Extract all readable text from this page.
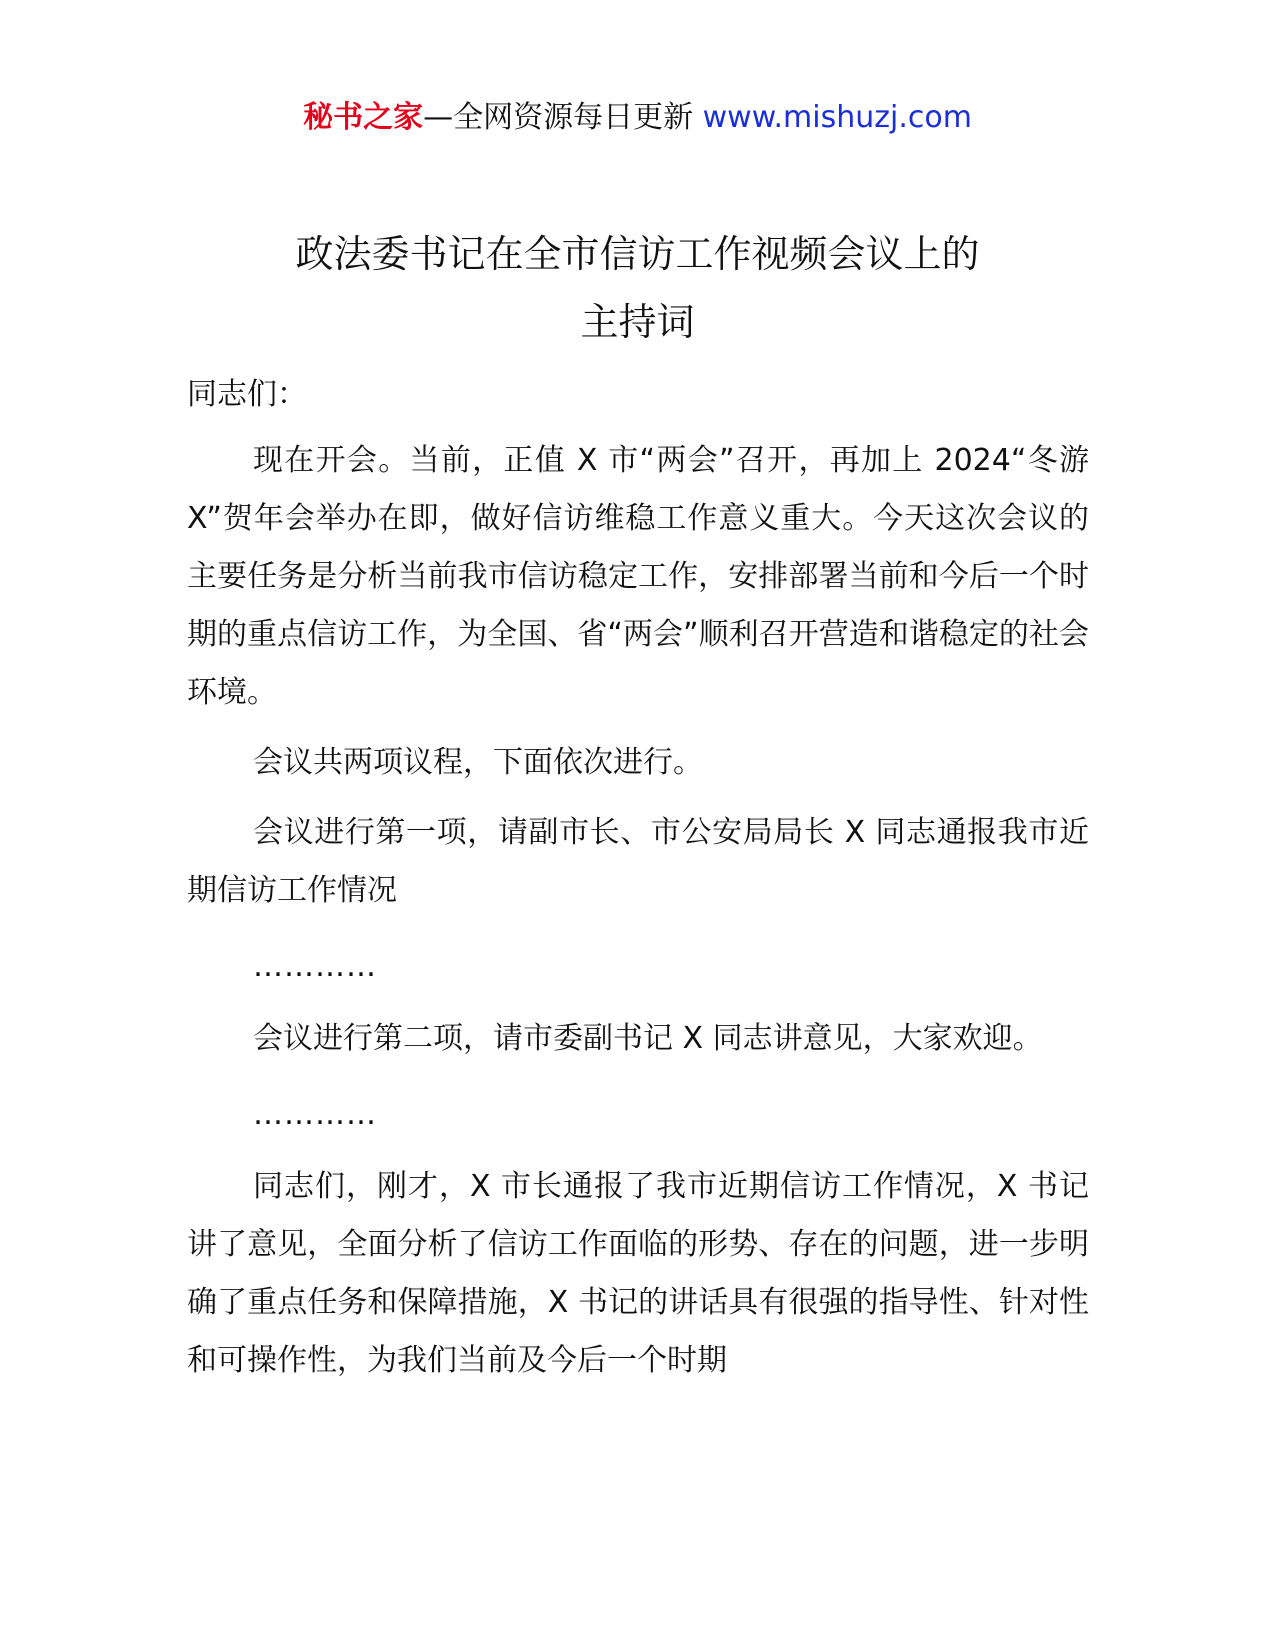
秘书之家—全网资源每日更新 www.mishuzj.com
政法委书记在全市信访工作视频会议上的
主持词

同志们：

现在开会。当前，正值 X 市“两会”召开，再加上 2024“冬游 X”贺年会举办在即，做好信访维稳工作意义重大。今天这次会议的主要任务是分析当前我市信访稳定工作，安排部署当前和今后一个时期的重点信访工作，为全国、省“两会”顺利召开营造和谐稳定的社会环境。

会议共两项议程，下面依次进行。

会议进行第一项，请副市长、市公安局局长 X 同志通报我市近期信访工作情况

…………

会议进行第二项，请市委副书记 X 同志讲意见，大家欢迎。

…………

同志们，刚才，X 市长通报了我市近期信访工作情况，X 书记讲了意见，全面分析了信访工作面临的形势、存在的问题，进一步明确了重点任务和保障措施，X 书记的讲话具有很强的指导性、针对性和可操作性，为我们当前及今后一个时期
